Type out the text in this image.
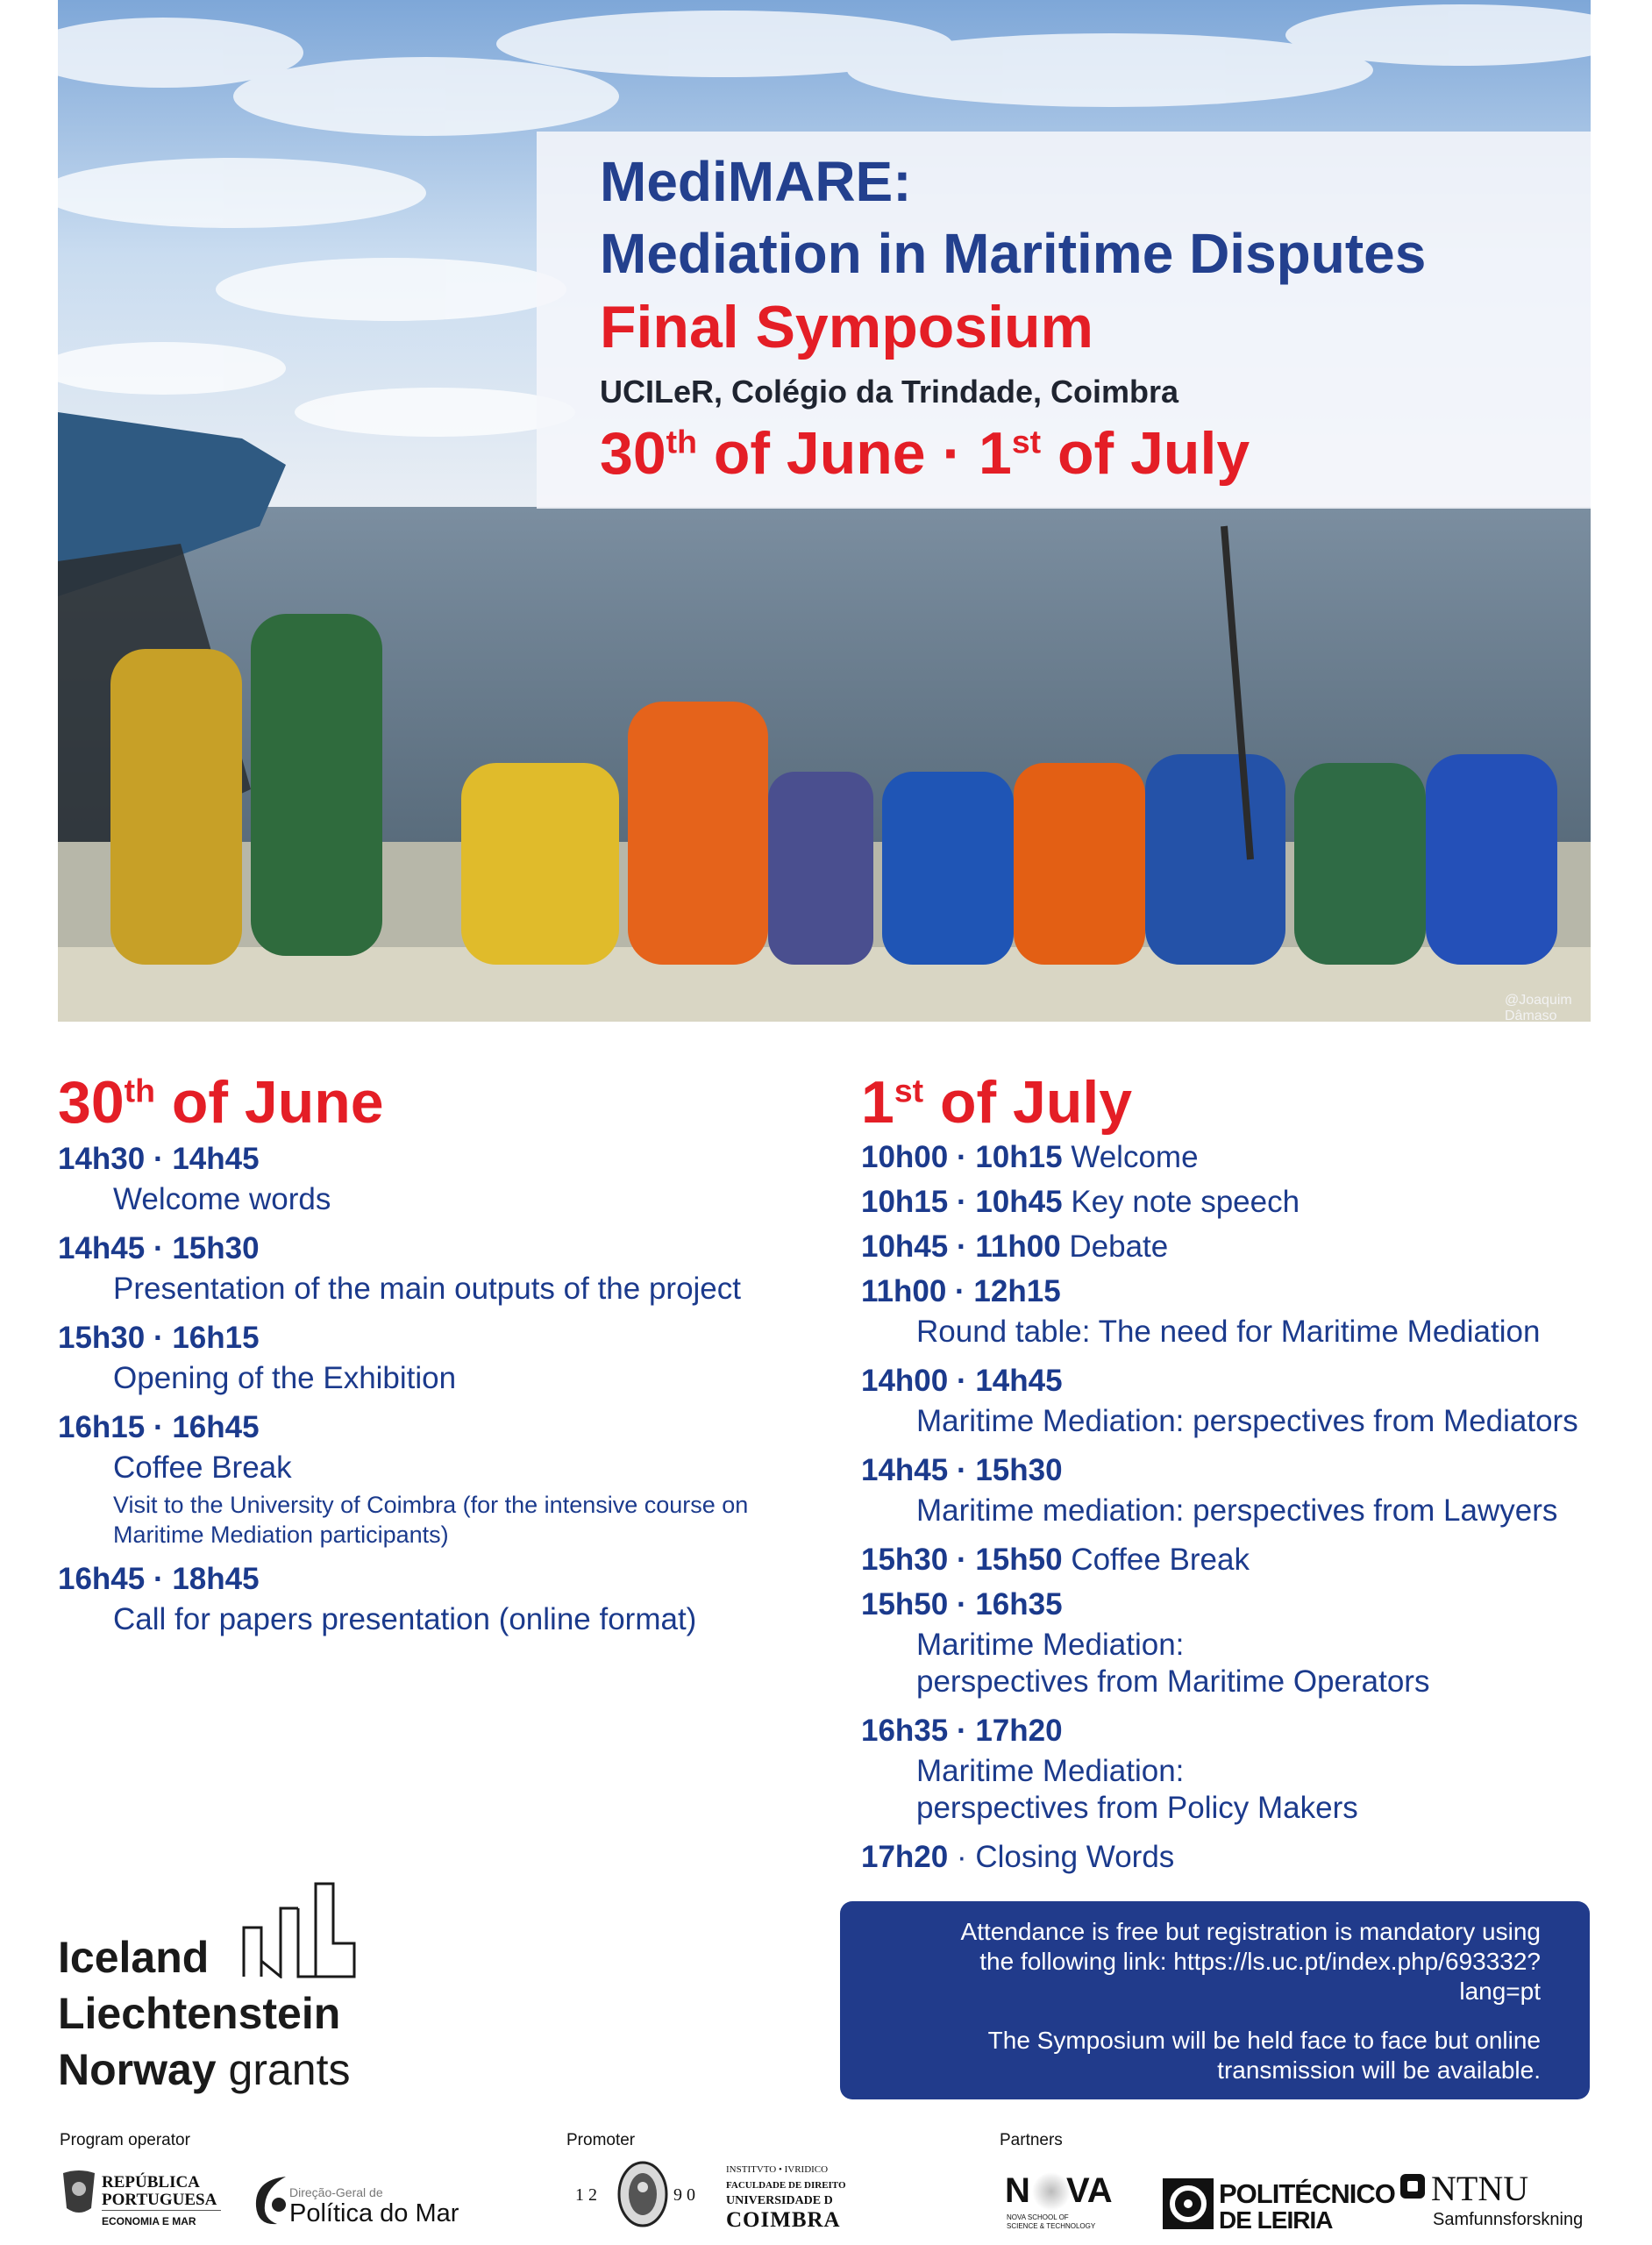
@Joaquim Dâmaso
MediMARE:
Mediation in Maritime Disputes
Final Symposium
UCILeR, Colégio da Trindade, Coimbra
30th of June · 1st of July
30th of June	1st of July
14h30 · 14h45
Welcome words
14h45 · 15h30
Presentation of the main outputs of the project
15h30 · 16h15
Opening of the Exhibition
16h15 · 16h45
Coffee Break
Visit to the University of Coimbra (for the intensive course on Maritime Mediation participants)
16h45 · 18h45
Call for papers presentation (online format)
10h00 · 10h15 Welcome
10h15 · 10h45 Key note speech
10h45 · 11h00 Debate
11h00 · 12h15
Round table: The need for Maritime Mediation
14h00 · 14h45
Maritime Mediation: perspectives from Mediators
14h45 · 15h30
Maritime mediation: perspectives from Lawyers
15h30 · 15h50 Coffee Break
15h50 · 16h35
Maritime Mediation:
perspectives from Maritime Operators
16h35 · 17h20
Maritime Mediation:
perspectives from Policy Makers
17h20 · Closing Words
Attendance is free but registration is mandatory using the following link: https://ls.uc.pt/index.php/693332?lang=pt
The Symposium will be held face to face but online transmission will be available.
Iceland
Liechtenstein
Norway grants
Program operator	Promoter	Partners
REPÚBLICA
PORTUGUESA
ECONOMIA E MAR
Direção-Geral de
Política do Mar
1 2	9 0
INSTITVTO • IVRIDICO
FACULDADE DE DIREITO
UNIVERSIDADE D
COIMBRA
N VA
NOVA SCHOOL OF
SCIENCE & TECHNOLOGY
POLITÉCNICO
DE LEIRIA
NTNU
Samfunnsforskning
